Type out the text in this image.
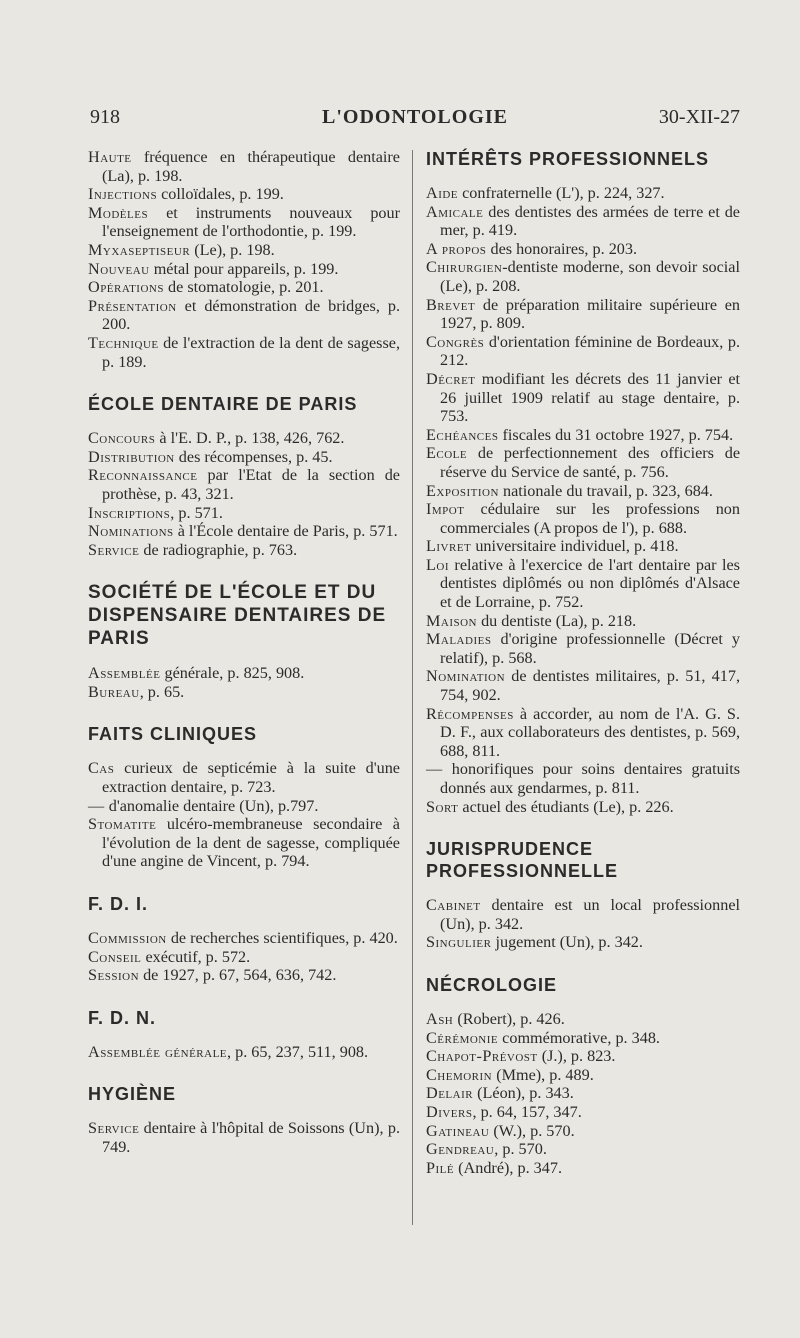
918	L'ODONTOLOGIE	30-XII-27

Haute fréquence en thérapeutique dentaire (La), p. 198.

Injections colloïdales, p. 199.

Modèles et instruments nouveaux pour l'enseignement de l'orthodontie, p. 199.

Myxaseptiseur (Le), p. 198.

Nouveau métal pour appareils, p. 199.

Opérations de stomatologie, p. 201.

Présentation et démonstration de bridges, p. 200.

Technique de l'extraction de la dent de sagesse, p. 189.

ÉCOLE DENTAIRE DE PARIS

Concours à l'E. D. P., p. 138, 426, 762.

Distribution des récompenses, p. 45.

Reconnaissance par l'Etat de la section de prothèse, p. 43, 321.

Inscriptions, p. 571.

Nominations à l'École dentaire de Paris, p. 571.

Service de radiographie, p. 763.

SOCIÉTÉ DE L'ÉCOLE ET DU DISPENSAIRE DENTAIRES DE PARIS

Assemblée générale, p. 825, 908.

Bureau, p. 65.

FAITS CLINIQUES

Cas curieux de septicémie à la suite d'une extraction dentaire, p. 723.

— d'anomalie dentaire (Un), p.797.

Stomatite ulcéro-membraneuse secondaire à l'évolution de la dent de sagesse, compliquée d'une angine de Vincent, p. 794.

F. D. I.

Commission de recherches scientifiques, p. 420.

Conseil exécutif, p. 572.

Session de 1927, p. 67, 564, 636, 742.

F. D. N.

Assemblée générale, p. 65, 237, 511, 908.

HYGIÈNE

Service dentaire à l'hôpital de Soissons (Un), p. 749.

INTÉRÊTS PROFESSIONNELS

Aide confraternelle (L'), p. 224, 327.

Amicale des dentistes des armées de terre et de mer, p. 419.

A propos des honoraires, p. 203.

Chirurgien-dentiste moderne, son devoir social (Le), p. 208.

Brevet de préparation militaire supérieure en 1927, p. 809.

Congrès d'orientation féminine de Bordeaux, p. 212.

Décret modifiant les décrets des 11 janvier et 26 juillet 1909 relatif au stage dentaire, p. 753.

Echéances fiscales du 31 octobre 1927, p. 754.

Ecole de perfectionnement des officiers de réserve du Service de santé, p. 756.

Exposition nationale du travail, p. 323, 684.

Impot cédulaire sur les professions non commerciales (A propos de l'), p. 688.

Livret universitaire individuel, p. 418.

Loi relative à l'exercice de l'art dentaire par les dentistes diplômés ou non diplômés d'Alsace et de Lorraine, p. 752.

Maison du dentiste (La), p. 218.

Maladies d'origine professionnelle (Décret y relatif), p. 568.

Nomination de dentistes militaires, p. 51, 417, 754, 902.

Récompenses à accorder, au nom de l'A. G. S. D. F., aux collaborateurs des dentistes, p. 569, 688, 811.

— honorifiques pour soins dentaires gratuits donnés aux gendarmes, p. 811.

Sort actuel des étudiants (Le), p. 226.

JURISPRUDENCE PROFESSIONNELLE

Cabinet dentaire est un local professionnel (Un), p. 342.

Singulier jugement (Un), p. 342.

NÉCROLOGIE

Ash (Robert), p. 426.

Cérémonie commémorative, p. 348.

Chapot-Prévost (J.), p. 823.

Chemorin (Mme), p. 489.

Delair (Léon), p. 343.

Divers, p. 64, 157, 347.

Gatineau (W.), p. 570.

Gendreau, p. 570.

Pilé (André), p. 347.
